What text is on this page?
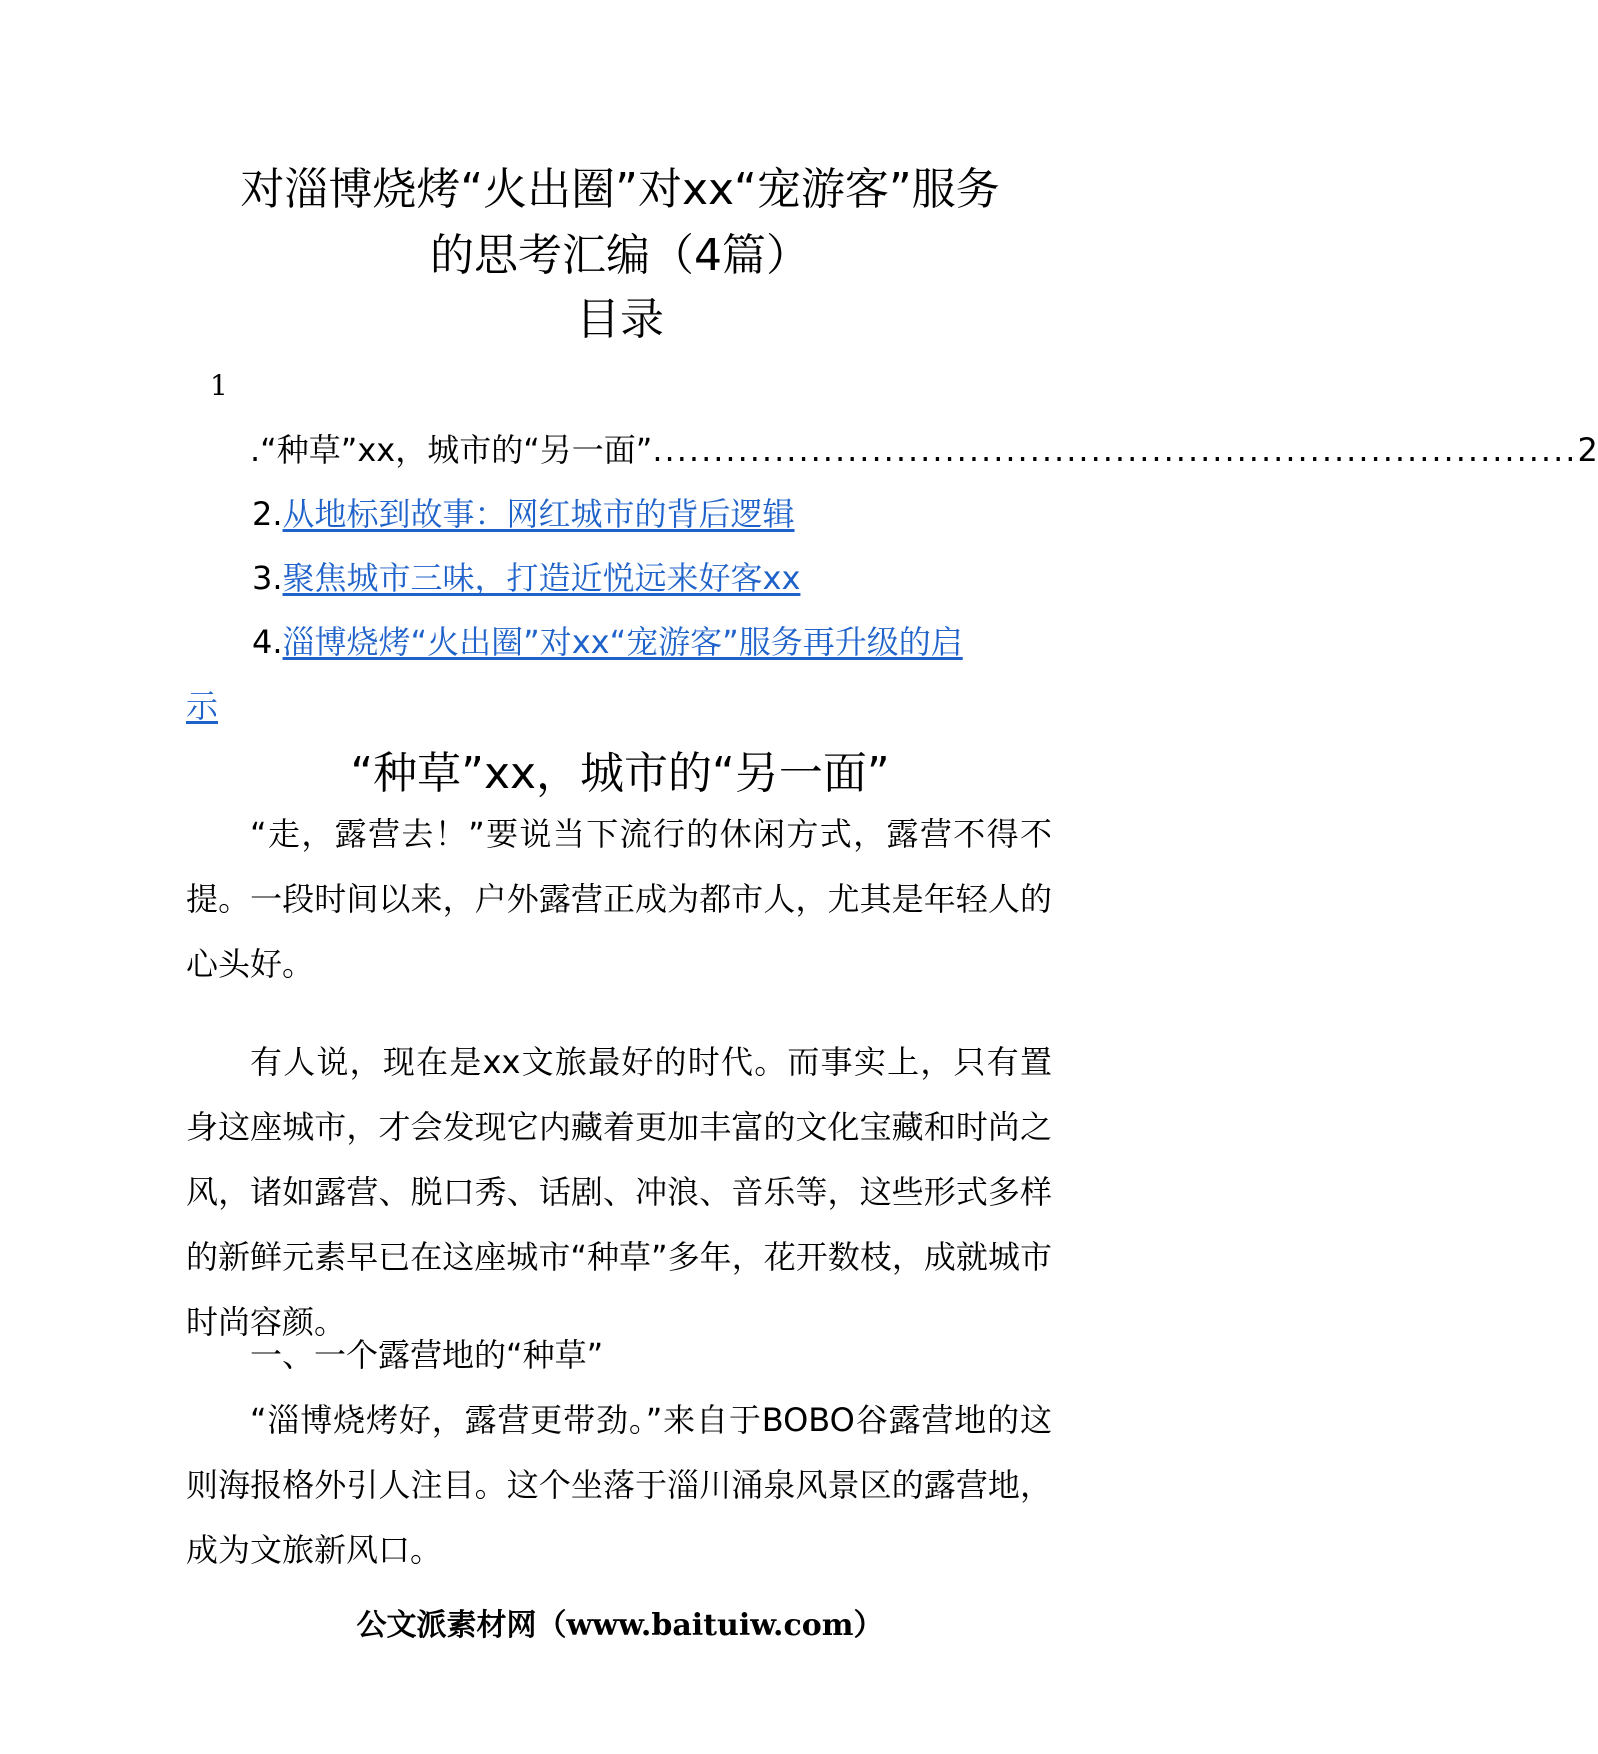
对淄博烧烤“火出圈”对xx“宠游客”服务
的思考汇编（4篇）
目录
1
.“种草”xx，城市的“另一面” ............................................................................ 2
2.从地标到故事：网红城市的背后逻辑
3.聚焦城市三味，打造近悦远来好客xx
4.淄博烧烤“火出圈”对xx“宠游客”服务再升级的启
示
“种草”xx，城市的“另一面”

“走，露营去！”要说当下流行的休闲方式，露营不得不提。一段时间以来，户外露营正成为都市人，尤其是年轻人的心头好。

有人说，现在是xx文旅最好的时代。而事实上，只有置身这座城市，才会发现它内藏着更加丰富的文化宝藏和时尚之风，诸如露营、脱口秀、话剧、冲浪、音乐等，这些形式多样的新鲜元素早已在这座城市“种草”多年，花开数枝，成就城市时尚容颜。

一、一个露营地的“种草”

“淄博烧烤好，露营更带劲。”来自于BOBO谷露营地的这则海报格外引人注目。这个坐落于淄川涌泉风景区的露营地，成为文旅新风口。

公文派素材网（www.baituiw.com）
